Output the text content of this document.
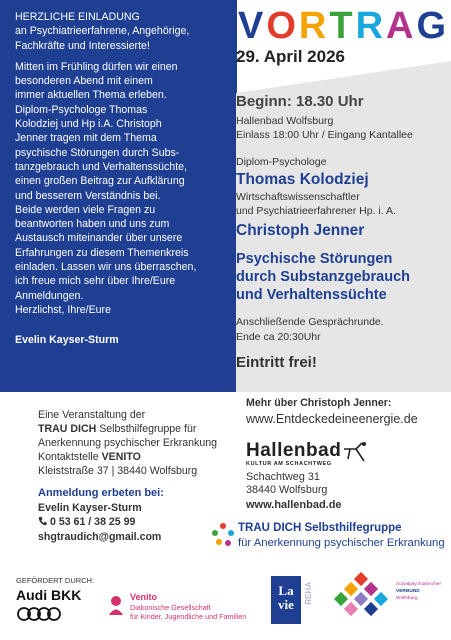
HERZLICHE EINLADUNG
an Psychiatrieerfahrene, Angehörige,
Fachkräfte und Interessierte!

Mitten im Frühling dürfen wir einen

besonderen Abend mit einem

immer aktuellen Thema erleben.

Diplom-Psychologe Thomas

Kolodziej und Hp i.A. Christoph

Jenner tragen mit dem Thema

psychische Störungen durch Subs-

tanzgebrauch und Verhaltenssüchte,

einen großen Beitrag zur Aufklärung

und besserem Verständnis bei.

Beide werden viele Fragen zu

beantworten haben und uns zum

Austausch miteinander über unsere

Erfahrungen zu diesem Themenkreis

einladen. Lassen wir uns überraschen,

ich freue mich sehr über Ihre/Eure

Anmeldungen.

Herzlichst, Ihre/Eure

Evelin Kayser-Sturm
VORTRAG
29. April 2026
Beginn: 18.30 Uhr
Hallenbad Wolfsburg
Einlass 18:00 Uhr / Eingang Kantallee
Diplom-Psychologe
Thomas Kolodziej
Wirtschaftswissenschaftler
und Psychiatrieerfahrener Hp. i. A.
Christoph Jenner
Psychische Störungen
durch Substanzgebrauch
und Verhaltenssüchte
Anschließende Gesprächrunde.
Ende ca 20:30Uhr
Eintritt frei!
Eine Veranstaltung der
TRAU DICH Selbsthilfegruppe für
Anerkennung psychischer Erkrankung
Kontaktstelle VENITO
Kleiststraße 37 | 38440 Wolfsburg
Anmeldung erbeten bei:
Evelin Kayser-Sturm
0 53 61 / 38 25 99
shgtraudich@gmail.com
Mehr über Christoph Jenner:
www.Entdeckedeineenergie.de
Hallenbad
KULTUR AM SCHACHTWEG
Schachtweg 31
38440 Wolfsburg
www.hallenbad.de
TRAU DICH Selbsthilfegruppe
für Anerkennung psychischer Erkrankung
GEFÖRDERT DURCH:
Audi BKK	Venito
Diakonische Gesellschaft
für Kinder, Jugendliche und Familien
La vie	REHA	Sozialpsychiatrischer
VERBUND
Wolfsburg
